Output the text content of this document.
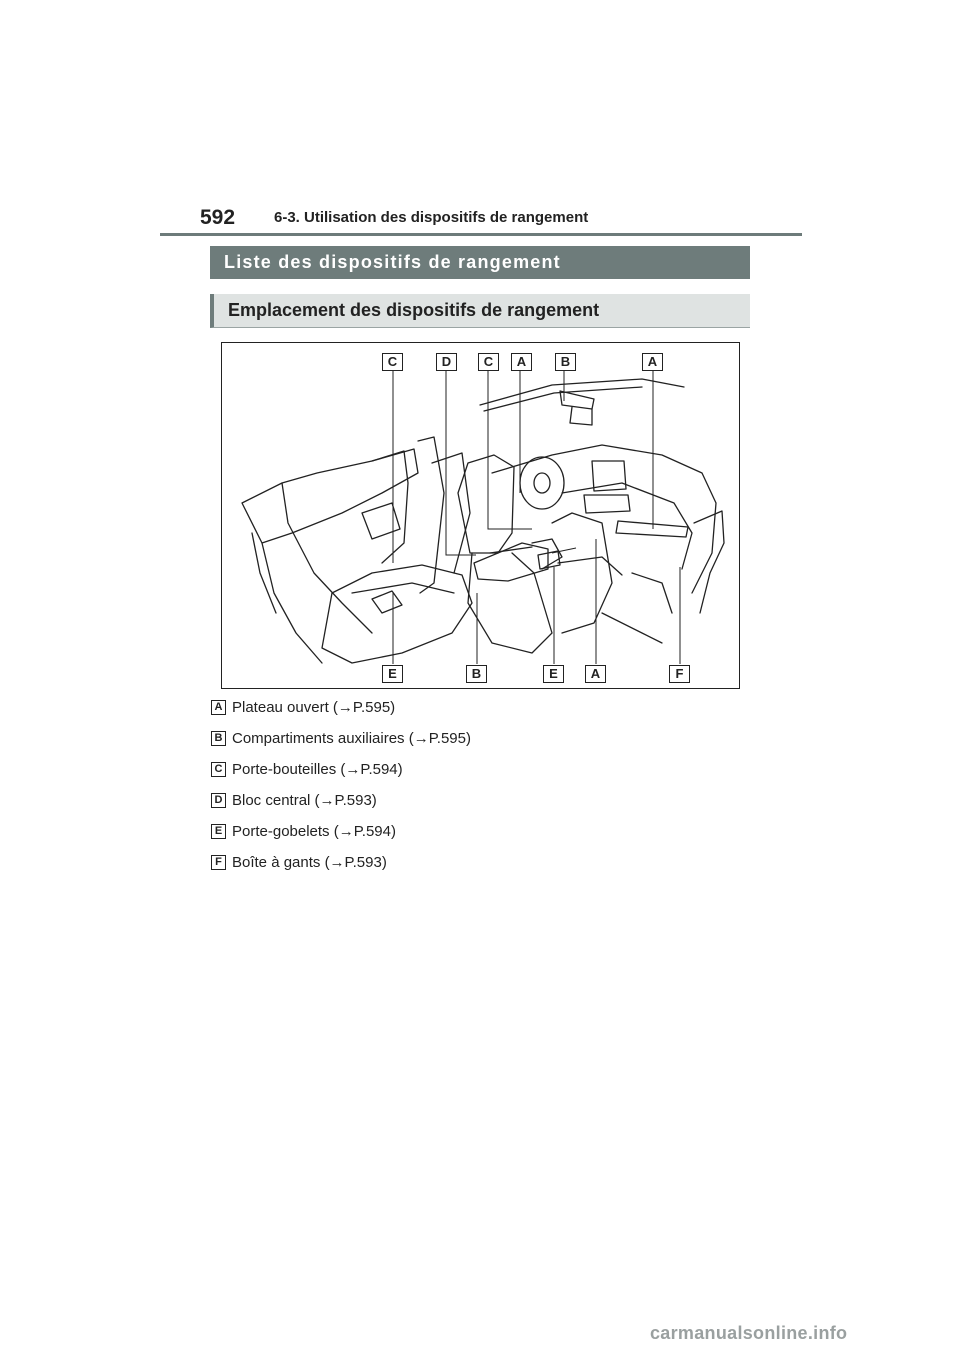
592	6-3. Utilisation des dispositifs de rangement
Liste des dispositifs de rangement
Emplacement des dispositifs de rangement
C	D	C	A	B	A
E	B	E	A	F
A Plateau ouvert (→P.595)
B Compartiments auxiliaires (→P.595)
C Porte-bouteilles (→P.594)
D Bloc central (→P.593)
E Porte-gobelets (→P.594)
F Boîte à gants (→P.593)
carmanualsonline.info
